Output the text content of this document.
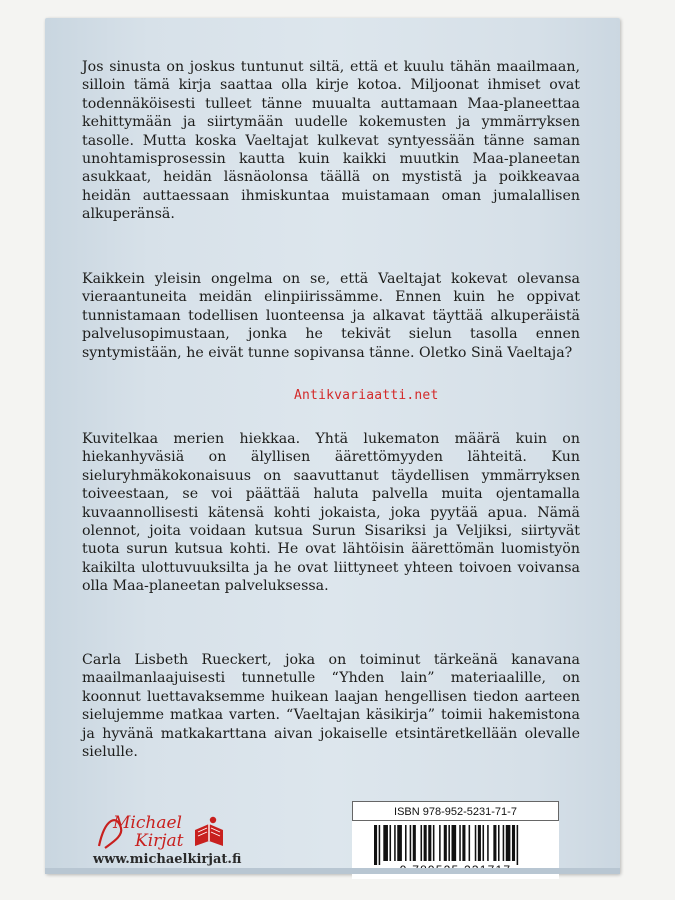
Jos sinusta on joskus tuntunut siltä, että et kuulu tähän maailmaan, silloin tämä kirja saattaa olla kirje kotoa. Miljoonat ihmiset ovat todennäköisesti tulleet tänne muualta auttamaan Maa-planeettaa kehittymään ja siirtymään uudelle kokemusten ja ymmärryksen tasolle. Mutta koska Vaeltajat kulkevat syntyessään tänne saman unohtamisprosessin kautta kuin kaikki muutkin Maa-planeetan asukkaat, heidän läsnäolonsa täällä on mystistä ja poikkeavaa heidän auttaessaan ihmiskuntaa muistamaan oman jumalallisen alkuperänsä.
Kaikkein yleisin ongelma on se, että Vaeltajat kokevat olevansa vieraantuneita meidän elinpiirissämme. Ennen kuin he oppivat tunnistamaan todellisen luonteensa ja alkavat täyttää alkuperäistä palvelusopimustaan, jonka he tekivät sielun tasolla ennen syntymistään, he eivät tunne sopivansa tänne. Oletko Sinä Vaeltaja?
Kuvitelkaa merien hiekkaa. Yhtä lukematon määrä kuin on hiekanhyväsiä on älyllisen äärettömyyden lähteitä. Kun sieluryhmäkokonaisuus on saavuttanut täydellisen ymmärryksen toiveestaan, se voi päättää haluta palvella muita ojentamalla kuvaannollisesti kätensä kohti jokaista, joka pyytää apua. Nämä olennot, joita voidaan kutsua Surun Sisariksi ja Veljiksi, siirtyvät tuota surun kutsua kohti. He ovat lähtöisin äärettömän luomistyön kaikilta ulottuvuuksilta ja he ovat liittyneet yhteen toivoen voivansa olla Maa-planeetan palveluksessa.
Carla Lisbeth Rueckert, joka on toiminut tärkeänä kanavana maailmanlaajuisesti tunnetulle “Yhden lain” materiaalille, on koonnut luettavaksemme huikean laajan hengellisen tiedon aarteen sielujemme matkaa varten. “Vaeltajan käsikirja” toimii hakemistona ja hyvänä matkakarttana aivan jokaiselle etsintäretkellään olevalle sielulle.
Antikvariaatti.net
Michael
Kirjat
www.michaelkirjat.fi
ISBN 978-952-5231-71-7
